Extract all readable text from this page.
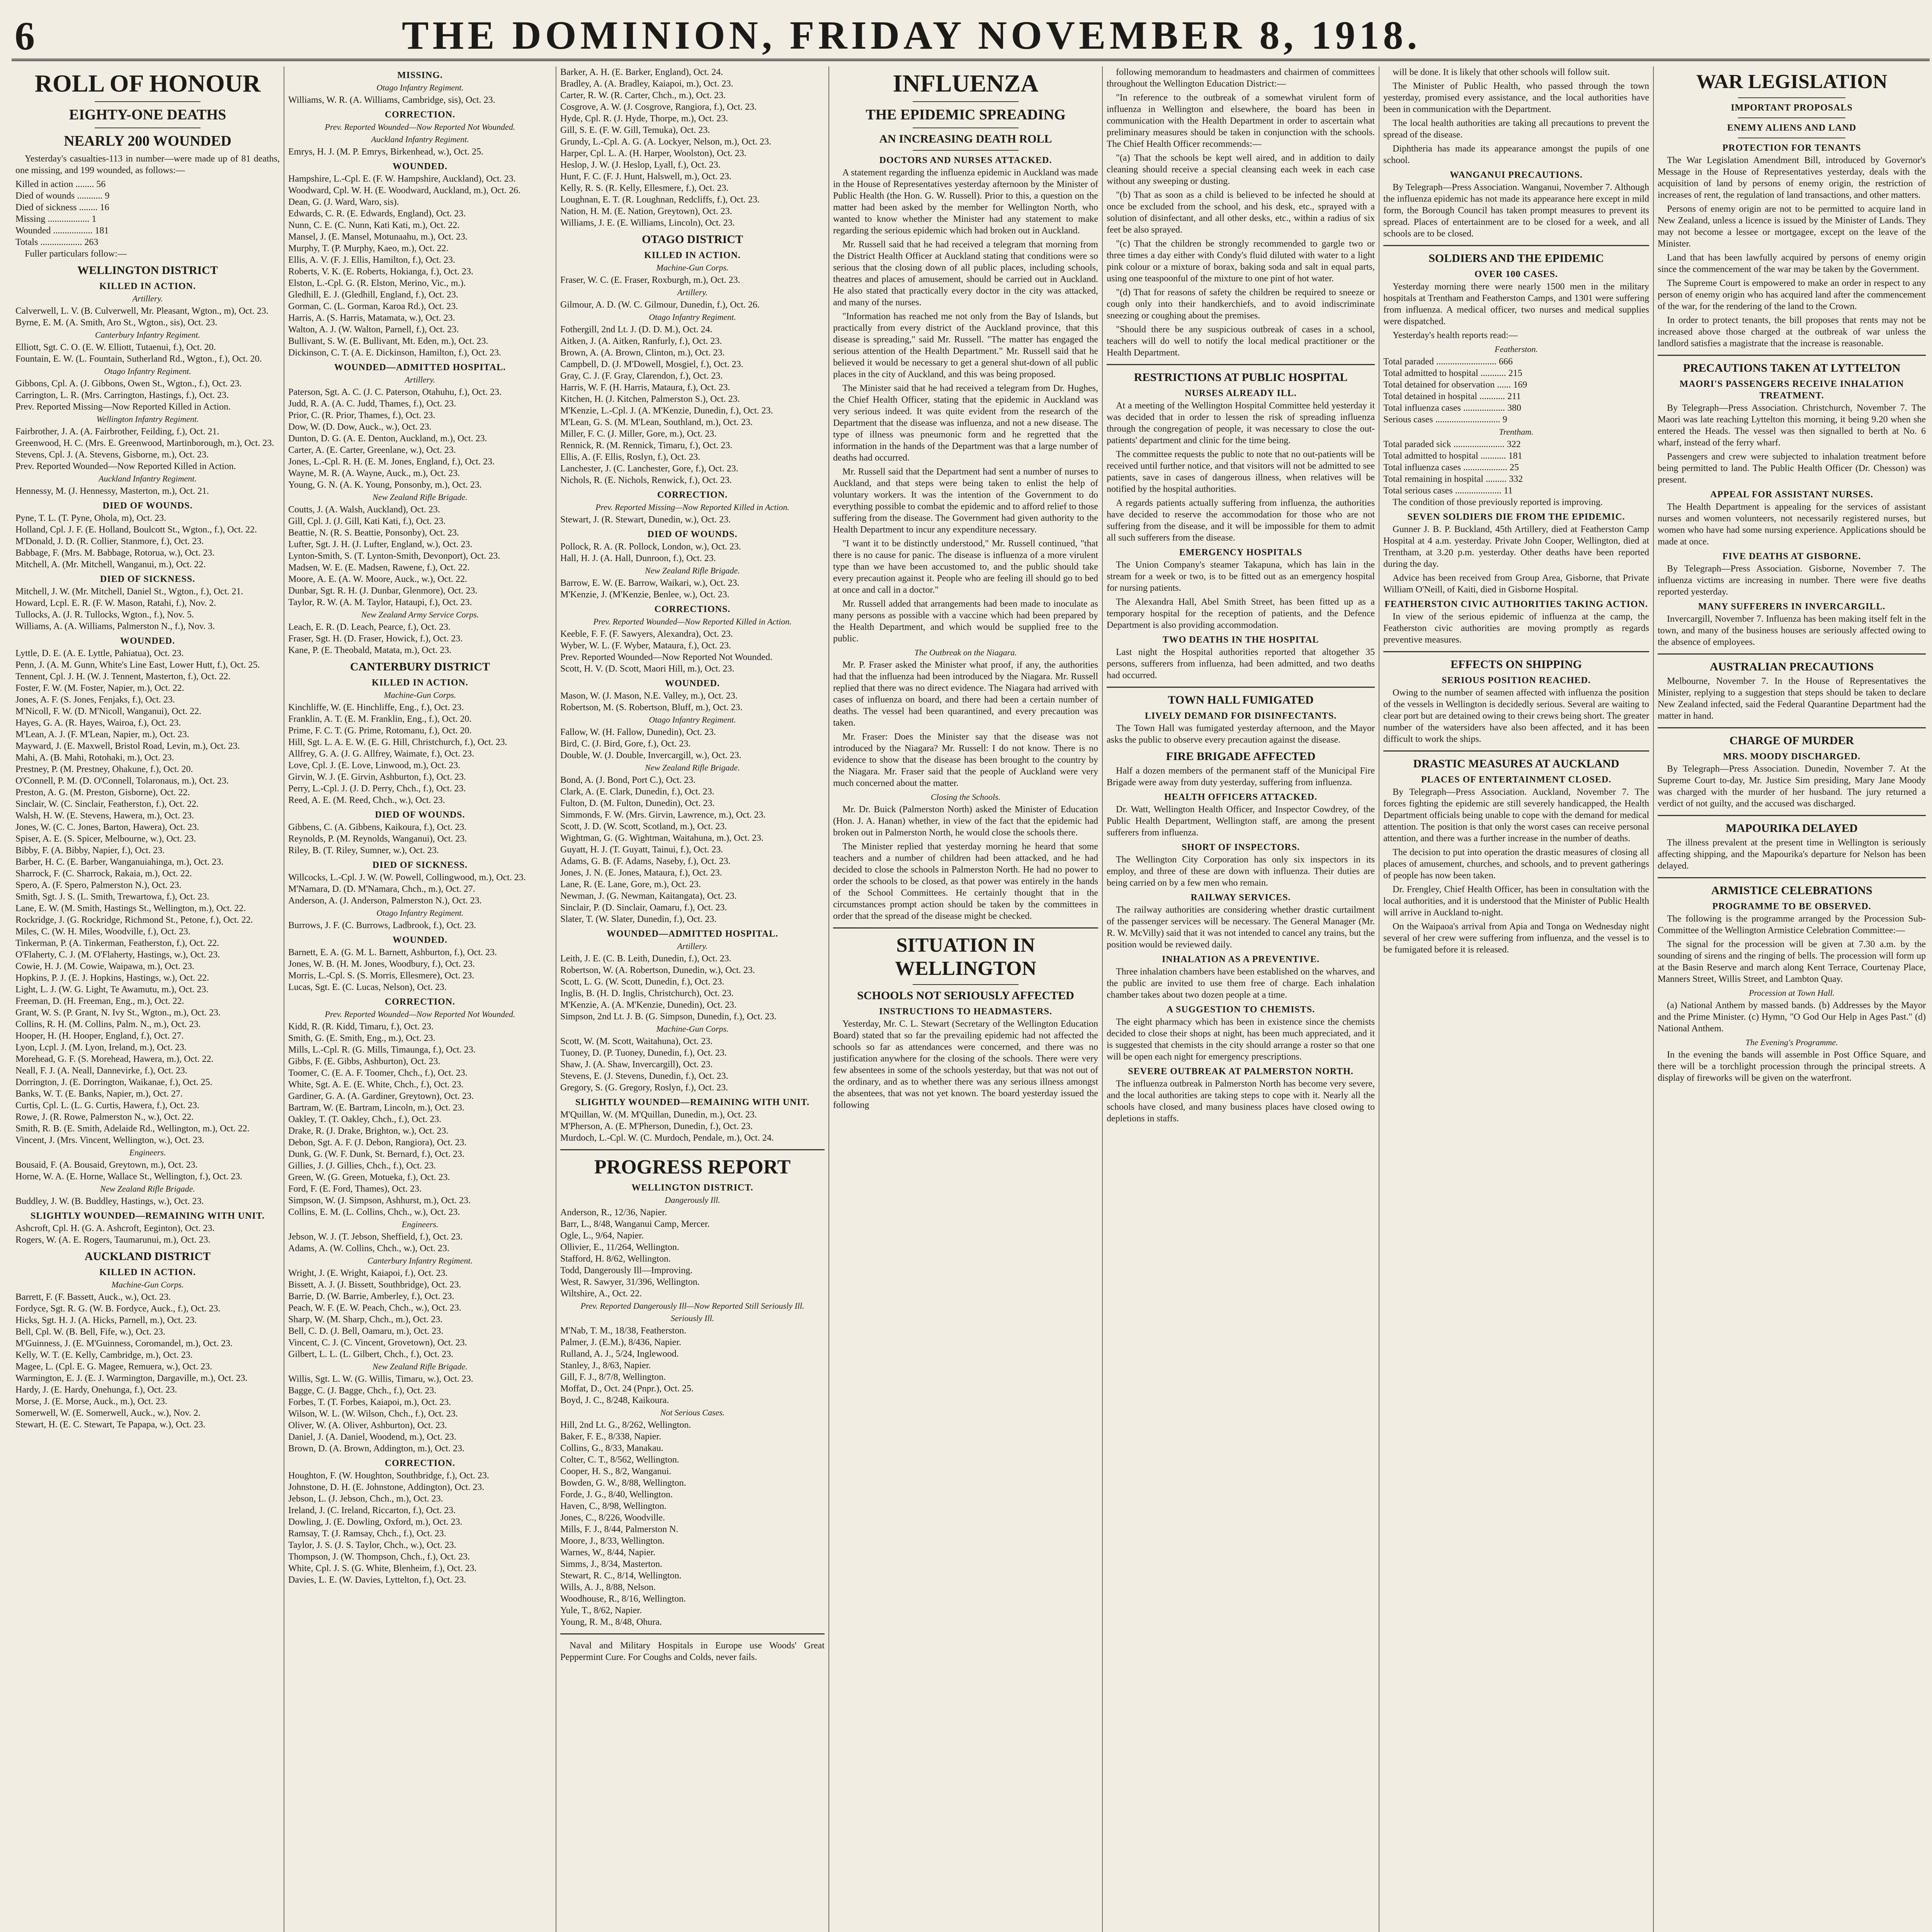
6	THE DOMINION, FRIDAY NOVEMBER 8, 1918.
ROLL OF HONOUR
EIGHTY-ONE DEATHS
NEARLY 200 WOUNDED

Yesterday's casualties-113 in number—were made up of 81 deaths, one missing, and 199 wounded, as follows:—

Killed in action ........ 56

Died of wounds ........... 9

Died of sickness ........ 16

Missing .................. 1

Wounded ................. 181

Totals .................. 263

Fuller particulars follow:—

WELLINGTON DISTRICT
KILLED IN ACTION.
Artillery.

Calverwell, L. V. (B. Culverwell, Mr. Pleasant, Wgton., m), Oct. 23.

Byrne, E. M. (A. Smith, Aro St., Wgton., sis), Oct. 23.

Canterbury Infantry Regiment.

Elliott, Sgt. C. O. (E. W. Elliott, Tutaenui, f.), Oct. 20.

Fountain, E. W. (L. Fountain, Sutherland Rd., Wgton., f.), Oct. 20.

Otago Infantry Regiment.

Gibbons, Cpl. A. (J. Gibbons, Owen St., Wgton., f.), Oct. 23.

Carrington, L. R. (Mrs. Carrington, Hastings, f.), Oct. 23.

Prev. Reported Missing—Now Reported Killed in Action.

Wellington Infantry Regiment.

Fairbrother, J. A. (A. Fairbrother, Feilding, f.), Oct. 21.

Greenwood, H. C. (Mrs. E. Greenwood, Martinborough, m.), Oct. 23.

Stevens, Cpl. J. (A. Stevens, Gisborne, m.), Oct. 23.

Prev. Reported Wounded—Now Reported Killed in Action.

Auckland Infantry Regiment.

Hennessy, M. (J. Hennessy, Masterton, m.), Oct. 21.

DIED OF WOUNDS.

Pyne, T. L. (T. Pyne, Ohola, m), Oct. 23.

Holland, Cpl. J. F. (E. Holland, Boulcott St., Wgton., f.), Oct. 22.

M'Donald, J. D. (R. Collier, Stanmore, f.), Oct. 23.

Babbage, F. (Mrs. M. Babbage, Rotorua, w.), Oct. 23.

Mitchell, A. (Mr. Mitchell, Wanganui, m.), Oct. 22.

DIED OF SICKNESS.

Mitchell, J. W. (Mr. Mitchell, Daniel St., Wgton., f.), Oct. 21.

Howard, Lcpl. E. R. (F. W. Mason, Ratahi, f.), Nov. 2.

Tullocks, A. (J. R. Tullocks, Wgton., f.), Nov. 5.

Williams, A. (A. Williams, Palmerston N., f.), Nov. 3.

WOUNDED.

Lyttle, D. E. (A. E. Lyttle, Pahiatua), Oct. 23.

Penn, J. (A. M. Gunn, White's Line East, Lower Hutt, f.), Oct. 25.

Tennent, Cpl. J. H. (W. J. Tennent, Masterton, f.), Oct. 22.

Foster, F. W. (M. Foster, Napier, m.), Oct. 22.

Jones, A. F. (S. Jones, Fenjaks, f.), Oct. 23.

M'Nicoll, F. W. (D. M'Nicoll, Wanganui), Oct. 22.

Hayes, G. A. (R. Hayes, Wairoa, f.), Oct. 23.

M'Lean, A. J. (F. M'Lean, Napier, m.), Oct. 23.

Mayward, J. (E. Maxwell, Bristol Road, Levin, m.), Oct. 23.

Mahi, A. (B. Mahi, Rotohaki, m.), Oct. 23.

Prestney, P. (M. Prestney, Ohakune, f.), Oct. 20.

O'Connell, P. M. (D. O'Connell, Tolaronaus, m.), Oct. 23.

Preston, A. G. (M. Preston, Gisborne), Oct. 22.

Sinclair, W. (C. Sinclair, Featherston, f.), Oct. 22.

Walsh, H. W. (E. Stevens, Hawera, m.), Oct. 23.

Jones, W. (C. C. Jones, Barton, Hawera), Oct. 23.

Spiser, A. E. (S. Spicer, Melbourne, w.), Oct. 23.

Bibby, F. (A. Bibby, Napier, f.), Oct. 23.

Barber, H. C. (E. Barber, Wanganuiahinga, m.), Oct. 23.

Sharrock, F. (C. Sharrock, Rakaia, m.), Oct. 22.

Spero, A. (F. Spero, Palmerston N.), Oct. 23.

Smith, Sgt. J. S. (L. Smith, Trewartowa, f.), Oct. 23.

Lane, E. W. (M. Smith, Hastings St., Wellington, m.), Oct. 22.

Rockridge, J. (G. Rockridge, Richmond St., Petone, f.), Oct. 22.

Miles, C. (W. H. Miles, Woodville, f.), Oct. 23.

Tinkerman, P. (A. Tinkerman, Featherston, f.), Oct. 22.

O'Flaherty, C. J. (M. O'Flaherty, Hastings, w.), Oct. 23.

Cowie, H. J. (M. Cowie, Waipawa, m.), Oct. 23.

Hopkins, P. J. (E. J. Hopkins, Hastings, w.), Oct. 22.

Light, L. J. (W. G. Light, Te Awamutu, m.), Oct. 23.

Freeman, D. (H. Freeman, Eng., m.), Oct. 22.

Grant, W. S. (P. Grant, N. Ivy St., Wgton., m.), Oct. 23.

Collins, R. H. (M. Collins, Palm. N., m.), Oct. 23.

Hooper, H. (H. Hooper, England, f.), Oct. 27.

Lyon, Lcpl. J. (M. Lyon, Ireland, m.), Oct. 23.

Morehead, G. F. (S. Morehead, Hawera, m.), Oct. 22.

Neall, F. J. (A. Neall, Dannevirke, f.), Oct. 23.

Dorrington, J. (E. Dorrington, Waikanae, f.), Oct. 25.

Banks, W. T. (E. Banks, Napier, m.), Oct. 27.

Curtis, Cpl. L. (L. G. Curtis, Hawera, f.), Oct. 23.

Rowe, J. (R. Rowe, Palmerston N., w.), Oct. 22.

Smith, R. B. (E. Smith, Adelaide Rd., Wellington, m.), Oct. 22.

Vincent, J. (Mrs. Vincent, Wellington, w.), Oct. 23.

Engineers.

Bousaid, F. (A. Bousaid, Greytown, m.), Oct. 23.

Horne, W. A. (E. Horne, Wallace St., Wellington, f.), Oct. 23.

New Zealand Rifle Brigade.

Buddley, J. W. (B. Buddley, Hastings, w.), Oct. 23.

SLIGHTLY WOUNDED—REMAINING WITH UNIT.

Ashcroft, Cpl. H. (G. A. Ashcroft, Eeginton), Oct. 23.

Rogers, W. (A. E. Rogers, Taumarunui, m.), Oct. 23.

AUCKLAND DISTRICT
KILLED IN ACTION.
Machine-Gun Corps.

Barrett, F. (F. Bassett, Auck., w.), Oct. 23.

Fordyce, Sgt. R. G. (W. B. Fordyce, Auck., f.), Oct. 23.

Hicks, Sgt. H. J. (A. Hicks, Parnell, m.), Oct. 23.

Bell, Cpl. W. (B. Bell, Fife, w.), Oct. 23.

M'Guinness, J. (E. M'Guinness, Coromandel, m.), Oct. 23.

Kelly, W. T. (E. Kelly, Cambridge, m.), Oct. 23.

Magee, L. (Cpl. E. G. Magee, Remuera, w.), Oct. 23.

Warmington, E. J. (E. J. Warmington, Dargaville, m.), Oct. 23.

Hardy, J. (E. Hardy, Onehunga, f.), Oct. 23.

Morse, J. (E. Morse, Auck., m.), Oct. 23.

Somerwell, W. (E. Somerwell, Auck., w.), Nov. 2.

Stewart, H. (E. C. Stewart, Te Papapa, w.), Oct. 23.

MISSING.
Otago Infantry Regiment.

Williams, W. R. (A. Williams, Cambridge, sis), Oct. 23.

CORRECTION.
Prev. Reported Wounded—Now Reported Not Wounded.
Auckland Infantry Regiment.

Emrys, H. J. (M. P. Emrys, Birkenhead, w.), Oct. 25.

WOUNDED.

Hampshire, L.-Cpl. E. (F. W. Hampshire, Auckland), Oct. 23.

Woodward, Cpl. W. H. (E. Woodward, Auckland, m.), Oct. 26.

Dean, G. (J. Ward, Waro, sis).

Edwards, C. R. (E. Edwards, England), Oct. 23.

Nunn, C. E. (C. Nunn, Kati Kati, m.), Oct. 22.

Mansel, J. (E. Mansel, Motunaahu, m.), Oct. 23.

Murphy, T. (P. Murphy, Kaeo, m.), Oct. 22.

Ellis, A. V. (F. J. Ellis, Hamilton, f.), Oct. 23.

Roberts, V. K. (E. Roberts, Hokianga, f.), Oct. 23.

Elston, L.-Cpl. G. (R. Elston, Merino, Vic., m.).

Gledhill, E. J. (Gledhill, England, f.), Oct. 23.

Gorman, C. (L. Gorman, Karoa Rd.), Oct. 23.

Harris, A. (S. Harris, Matamata, w.), Oct. 23.

Walton, A. J. (W. Walton, Parnell, f.), Oct. 23.

Bullivant, S. W. (E. Bullivant, Mt. Eden, m.), Oct. 23.

Dickinson, C. T. (A. E. Dickinson, Hamilton, f.), Oct. 23.

WOUNDED—ADMITTED HOSPITAL.
Artillery.

Paterson, Sgt. A. C. (J. C. Paterson, Otahuhu, f.), Oct. 23.

Judd, R. A. (A. C. Judd, Thames, f.), Oct. 23.

Prior, C. (R. Prior, Thames, f.), Oct. 23.

Dow, W. (D. Dow, Auck., w.), Oct. 23.

Dunton, D. G. (A. E. Denton, Auckland, m.), Oct. 23.

Carter, A. (E. Carter, Greenlane, w.), Oct. 23.

Jones, L.-Cpl. R. H. (E. M. Jones, England, f.), Oct. 23.

Wayne, M. R. (A. Wayne, Auck., m.), Oct. 23.

Young, G. N. (A. K. Young, Ponsonby, m.), Oct. 23.

New Zealand Rifle Brigade.

Coutts, J. (A. Walsh, Auckland), Oct. 23.

Gill, Cpl. J. (J. Gill, Kati Kati, f.), Oct. 23.

Beattie, N. (R. S. Beattie, Ponsonby), Oct. 23.

Lufter, Sgt. J. H. (J. Lufter, England, w.), Oct. 23.

Lynton-Smith, S. (T. Lynton-Smith, Devonport), Oct. 23.

Madsen, W. E. (E. Madsen, Rawene, f.), Oct. 22.

Moore, A. E. (A. W. Moore, Auck., w.), Oct. 22.

Dunbar, Sgt. R. H. (J. Dunbar, Glenmore), Oct. 23.

Taylor, R. W. (A. M. Taylor, Hataupi, f.), Oct. 23.

New Zealand Army Service Corps.

Leach, E. R. (D. Leach, Pearce, f.), Oct. 23.

Fraser, Sgt. H. (D. Fraser, Howick, f.), Oct. 23.

Kane, P. (E. Theobald, Matata, m.), Oct. 23.

CANTERBURY DISTRICT
KILLED IN ACTION.
Machine-Gun Corps.

Kinchliffe, W. (E. Hinchliffe, Eng., f.), Oct. 23.

Franklin, A. T. (E. M. Franklin, Eng., f.), Oct. 20.

Prime, F. C. T. (G. Prime, Rotomanu, f.), Oct. 20.

Hill, Sgt. L. A. E. W. (E. G. Hill, Christchurch, f.), Oct. 23.

Allfrey, G. A. (J. G. Allfrey, Waimate, f.), Oct. 23.

Love, Cpl. J. (E. Love, Linwood, m.), Oct. 23.

Girvin, W. J. (E. Girvin, Ashburton, f.), Oct. 23.

Perry, L.-Cpl. J. (J. D. Perry, Chch., f.), Oct. 23.

Reed, A. E. (M. Reed, Chch., w.), Oct. 23.

DIED OF WOUNDS.

Gibbens, C. (A. Gibbens, Kaikoura, f.), Oct. 23.

Reynolds, P. (M. Reynolds, Wanganui), Oct. 23.

Riley, B. (T. Riley, Sumner, w.), Oct. 23.

DIED OF SICKNESS.

Willcocks, L.-Cpl. J. W. (W. Powell, Collingwood, m.), Oct. 23.

M'Namara, D. (D. M'Namara, Chch., m.), Oct. 27.

Anderson, A. (J. Anderson, Palmerston N.), Oct. 23.

Otago Infantry Regiment.

Burrows, J. F. (C. Burrows, Ladbrook, f.), Oct. 23.

WOUNDED.

Barnett, E. A. (G. M. L. Barnett, Ashburton, f.), Oct. 23.

Jones, W. B. (H. M. Jones, Woodbury, f.), Oct. 23.

Morris, L.-Cpl. S. (S. Morris, Ellesmere), Oct. 23.

Lucas, Sgt. E. (C. Lucas, Nelson), Oct. 23.

CORRECTION.
Prev. Reported Wounded—Now Reported Not Wounded.

Kidd, R. (R. Kidd, Timaru, f.), Oct. 23.

Smith, G. (E. Smith, Eng., m.), Oct. 23.

Mills, L.-Cpl. R. (G. Mills, Timaunga, f.), Oct. 23.

Gibbs, F. (E. Gibbs, Ashburton), Oct. 23.

Toomer, C. (E. A. F. Toomer, Chch., f.), Oct. 23.

White, Sgt. A. E. (E. White, Chch., f.), Oct. 23.

Gardiner, G. A. (A. Gardiner, Greytown), Oct. 23.

Bartram, W. (E. Bartram, Lincoln, m.), Oct. 23.

Oakley, T. (T. Oakley, Chch., f.), Oct. 23.

Drake, R. (J. Drake, Brighton, w.), Oct. 23.

Debon, Sgt. A. F. (J. Debon, Rangiora), Oct. 23.

Dunk, G. (W. F. Dunk, St. Bernard, f.), Oct. 23.

Gillies, J. (J. Gillies, Chch., f.), Oct. 23.

Green, W. (G. Green, Motueka, f.), Oct. 23.

Ford, F. (E. Ford, Thames), Oct. 23.

Simpson, W. (J. Simpson, Ashhurst, m.), Oct. 23.

Collins, E. M. (L. Collins, Chch., w.), Oct. 23.

Engineers.

Jebson, W. J. (T. Jebson, Sheffield, f.), Oct. 23.

Adams, A. (W. Collins, Chch., w.), Oct. 23.

Canterbury Infantry Regiment.

Wright, J. (E. Wright, Kaiapoi, f.), Oct. 23.

Bissett, A. J. (J. Bissett, Southbridge), Oct. 23.

Barrie, D. (W. Barrie, Amberley, f.), Oct. 23.

Peach, W. F. (E. W. Peach, Chch., w.), Oct. 23.

Sharp, W. (M. Sharp, Chch., m.), Oct. 23.

Bell, C. D. (J. Bell, Oamaru, m.), Oct. 23.

Vincent, C. J. (C. Vincent, Grovetown), Oct. 23.

Gilbert, L. L. (L. Gilbert, Chch., f.), Oct. 23.

New Zealand Rifle Brigade.

Willis, Sgt. L. W. (G. Willis, Timaru, w.), Oct. 23.

Bagge, C. (J. Bagge, Chch., f.), Oct. 23.

Forbes, T. (T. Forbes, Kaiapoi, m.), Oct. 23.

Wilson, W. L. (W. Wilson, Chch., f.), Oct. 23.

Oliver, W. (A. Oliver, Ashburton), Oct. 23.

Daniel, J. (A. Daniel, Woodend, m.), Oct. 23.

Brown, D. (A. Brown, Addington, m.), Oct. 23.

CORRECTION.

Houghton, F. (W. Houghton, Southbridge, f.), Oct. 23.

Johnstone, D. H. (E. Johnstone, Addington), Oct. 23.

Jebson, L. (J. Jebson, Chch., m.), Oct. 23.

Ireland, J. (C. Ireland, Riccarton, f.), Oct. 23.

Dowling, J. (E. Dowling, Oxford, m.), Oct. 23.

Ramsay, T. (J. Ramsay, Chch., f.), Oct. 23.

Taylor, J. S. (J. S. Taylor, Chch., w.), Oct. 23.

Thompson, J. (W. Thompson, Chch., f.), Oct. 23.

White, Cpl. J. S. (G. White, Blenheim, f.), Oct. 23.

Davies, L. E. (W. Davies, Lyttelton, f.), Oct. 23.

Barker, A. H. (E. Barker, England), Oct. 24.

Bradley, A. (A. Bradley, Kaiapoi, m.), Oct. 23.

Carter, R. W. (R. Carter, Chch., m.), Oct. 23.

Cosgrove, A. W. (J. Cosgrove, Rangiora, f.), Oct. 23.

Hyde, Cpl. R. (J. Hyde, Thorpe, m.), Oct. 23.

Gill, S. E. (F. W. Gill, Temuka), Oct. 23.

Grundy, L.-Cpl. A. G. (A. Lockyer, Nelson, m.), Oct. 23.

Harper, Cpl. L. A. (H. Harper, Woolston), Oct. 23.

Heslop, J. W. (J. Heslop, Lyall, f.), Oct. 23.

Hunt, F. C. (F. J. Hunt, Halswell, m.), Oct. 23.

Kelly, R. S. (R. Kelly, Ellesmere, f.), Oct. 23.

Loughnan, E. T. (R. Loughnan, Redcliffs, f.), Oct. 23.

Nation, H. M. (E. Nation, Greytown), Oct. 23.

Williams, J. E. (E. Williams, Lincoln), Oct. 23.

OTAGO DISTRICT
KILLED IN ACTION.
Machine-Gun Corps.

Fraser, W. C. (E. Fraser, Roxburgh, m.), Oct. 23.

Artillery.

Gilmour, A. D. (W. C. Gilmour, Dunedin, f.), Oct. 26.

Otago Infantry Regiment.

Fothergill, 2nd Lt. J. (D. D. M.), Oct. 24.

Aitken, J. (A. Aitken, Ranfurly, f.), Oct. 23.

Brown, A. (A. Brown, Clinton, m.), Oct. 23.

Campbell, D. (J. M'Dowell, Mosgiel, f.), Oct. 23.

Gray, C. J. (F. Gray, Clarendon, f.), Oct. 23.

Harris, W. F. (H. Harris, Mataura, f.), Oct. 23.

Kitchen, H. (J. Kitchen, Palmerston S.), Oct. 23.

M'Kenzie, L.-Cpl. J. (A. M'Kenzie, Dunedin, f.), Oct. 23.

M'Lean, G. S. (M. M'Lean, Southland, m.), Oct. 23.

Miller, F. C. (J. Miller, Gore, m.), Oct. 23.

Rennick, R. (M. Rennick, Timaru, f.), Oct. 23.

Ellis, A. (F. Ellis, Roslyn, f.), Oct. 23.

Lanchester, J. (C. Lanchester, Gore, f.), Oct. 23.

Nichols, R. (E. Nichols, Renwick, f.), Oct. 23.

CORRECTION.
Prev. Reported Missing—Now Reported Killed in Action.

Stewart, J. (R. Stewart, Dunedin, w.), Oct. 23.

DIED OF WOUNDS.

Pollock, R. A. (R. Pollock, London, w.), Oct. 23.

Hall, H. J. (A. Hall, Dunroon, f.), Oct. 23.

New Zealand Rifle Brigade.

Barrow, E. W. (E. Barrow, Waikari, w.), Oct. 23.

M'Kenzie, J. (M'Kenzie, Benlee, w.), Oct. 23.

CORRECTIONS.
Prev. Reported Wounded—Now Reported Killed in Action.

Keeble, F. F. (F. Sawyers, Alexandra), Oct. 23.

Wyber, W. L. (F. Wyber, Mataura, f.), Oct. 23.

Prev. Reported Wounded—Now Reported Not Wounded.

Scott, H. V. (D. Scott, Maori Hill, m.), Oct. 23.

WOUNDED.

Mason, W. (J. Mason, N.E. Valley, m.), Oct. 23.

Robertson, M. (S. Robertson, Bluff, m.), Oct. 23.

Otago Infantry Regiment.

Fallow, W. (H. Fallow, Dunedin), Oct. 23.

Bird, C. (J. Bird, Gore, f.), Oct. 23.

Double, W. (J. Double, Invercargill, w.), Oct. 23.

New Zealand Rifle Brigade.

Bond, A. (J. Bond, Port C.), Oct. 23.

Clark, A. (E. Clark, Dunedin, f.), Oct. 23.

Fulton, D. (M. Fulton, Dunedin), Oct. 23.

Simmonds, F. W. (Mrs. Girvin, Lawrence, m.), Oct. 23.

Scott, J. D. (W. Scott, Scotland, m.), Oct. 23.

Wightman, G. (G. Wightman, Waitahuna, m.), Oct. 23.

Guyatt, H. J. (T. Guyatt, Tainui, f.), Oct. 23.

Adams, G. B. (F. Adams, Naseby, f.), Oct. 23.

Jones, J. N. (E. Jones, Mataura, f.), Oct. 23.

Lane, R. (E. Lane, Gore, m.), Oct. 23.

Newman, J. (G. Newman, Kaitangata), Oct. 23.

Sinclair, P. (D. Sinclair, Oamaru, f.), Oct. 23.

Slater, T. (W. Slater, Dunedin, f.), Oct. 23.

WOUNDED—ADMITTED HOSPITAL.
Artillery.

Leith, J. E. (C. B. Leith, Dunedin, f.), Oct. 23.

Robertson, W. (A. Robertson, Dunedin, w.), Oct. 23.

Scott, L. G. (W. Scott, Dunedin, f.), Oct. 23.

Inglis, B. (H. D. Inglis, Christchurch), Oct. 23.

M'Kenzie, A. (A. M'Kenzie, Dunedin), Oct. 23.

Simpson, 2nd Lt. J. B. (G. Simpson, Dunedin, f.), Oct. 23.

Machine-Gun Corps.

Scott, W. (M. Scott, Waitahuna), Oct. 23.

Tuoney, D. (P. Tuoney, Dunedin, f.), Oct. 23.

Shaw, J. (A. Shaw, Invercargill), Oct. 23.

Stevens, E. (J. Stevens, Dunedin, f.), Oct. 23.

Gregory, S. (G. Gregory, Roslyn, f.), Oct. 23.

SLIGHTLY WOUNDED—REMAINING WITH UNIT.

M'Quillan, W. (M. M'Quillan, Dunedin, m.), Oct. 23.

M'Pherson, A. (E. M'Pherson, Dunedin, f.), Oct. 23.

Murdoch, L.-Cpl. W. (C. Murdoch, Pendale, m.), Oct. 24.

PROGRESS REPORT
WELLINGTON DISTRICT.
Dangerously Ill.

Anderson, R., 12/36, Napier.

Barr, L., 8/48, Wanganui Camp, Mercer.

Ogle, L., 9/64, Napier.

Ollivier, E., 11/264, Wellington.

Stafford, H. 8/62, Wellington.

Todd, Dangerously Ill—Improving.

West, R. Sawyer, 31/396, Wellington.

Wiltshire, A., Oct. 22.

Prev. Reported Dangerously Ill—Now Reported Still Seriously Ill.
Seriously Ill.

M'Nab, T. M., 18/38, Featherston.

Palmer, J. (E.M.), 8/436, Napier.

Rulland, A. J., 5/24, Inglewood.

Stanley, J., 8/63, Napier.

Gill, F. J., 8/7/8, Wellington.

Moffat, D., Oct. 24 (Pnpr.), Oct. 25.

Boyd, J. C., 8/248, Kaikoura.

Not Serious Cases.

Hill, 2nd Lt. G., 8/262, Wellington.

Baker, F. E., 8/338, Napier.

Collins, G., 8/33, Manakau.

Colter, C. T., 8/562, Wellington.

Cooper, H. S., 8/2, Wanganui.

Bowden, G. W., 8/88, Wellington.

Forde, J. G., 8/40, Wellington.

Haven, C., 8/98, Wellington.

Jones, C., 8/226, Woodville.

Mills, F. J., 8/44, Palmerston N.

Moore, J., 8/33, Wellington.

Warnes, W., 8/44, Napier.

Simms, J., 8/34, Masterton.

Stewart, R. C., 8/14, Wellington.

Wills, A. J., 8/88, Nelson.

Woodhouse, R., 8/16, Wellington.

Yule, T., 8/62, Napier.

Young, R. M., 8/48, Ohura.

Naval and Military Hospitals in Europe use Woods' Great Peppermint Cure. For Coughs and Colds, never fails.

INFLUENZA
THE EPIDEMIC SPREADING
AN INCREASING DEATH ROLL
DOCTORS AND NURSES ATTACKED.

A statement regarding the influenza epidemic in Auckland was made in the House of Representatives yesterday afternoon by the Minister of Public Health (the Hon. G. W. Russell). Prior to this, a question on the matter had been asked by the member for Wellington North, who wanted to know whether the Minister had any statement to make regarding the serious epidemic which had broken out in Auckland.

Mr. Russell said that he had received a telegram that morning from the District Health Officer at Auckland stating that conditions were so serious that the closing down of all public places, including schools, theatres and places of amusement, should be carried out in Auckland. He also stated that practically every doctor in the city was attacked, and many of the nurses.

"Information has reached me not only from the Bay of Islands, but practically from every district of the Auckland province, that this disease is spreading," said Mr. Russell. "The matter has engaged the serious attention of the Health Department." Mr. Russell said that he believed it would be necessary to get a general shut-down of all public places in the city of Auckland, and this was being proposed.

The Minister said that he had received a telegram from Dr. Hughes, the Chief Health Officer, stating that the epidemic in Auckland was very serious indeed. It was quite evident from the research of the Department that the disease was influenza, and not a new disease. The type of illness was pneumonic form and he regretted that the information in the hands of the Department was that a large number of deaths had occurred.

Mr. Russell said that the Department had sent a number of nurses to Auckland, and that steps were being taken to enlist the help of voluntary workers. It was the intention of the Government to do everything possible to combat the epidemic and to afford relief to those suffering from the disease. The Government had given authority to the Health Department to incur any expenditure necessary.

"I want it to be distinctly understood," Mr. Russell continued, "that there is no cause for panic. The disease is influenza of a more virulent type than we have been accustomed to, and the public should take every precaution against it. People who are feeling ill should go to bed at once and call in a doctor."

Mr. Russell added that arrangements had been made to inoculate as many persons as possible with a vaccine which had been prepared by the Health Department, and which would be supplied free to the public.

The Outbreak on the Niagara.

Mr. P. Fraser asked the Minister what proof, if any, the authorities had that the influenza had been introduced by the Niagara. Mr. Russell replied that there was no direct evidence. The Niagara had arrived with cases of influenza on board, and there had been a certain number of deaths. The vessel had been quarantined, and every precaution was taken.

Mr. Fraser: Does the Minister say that the disease was not introduced by the Niagara? Mr. Russell: I do not know. There is no evidence to show that the disease has been brought to the country by the Niagara. Mr. Fraser said that the people of Auckland were very much concerned about the matter.

Closing the Schools.

Mr. Dr. Buick (Palmerston North) asked the Minister of Education (Hon. J. A. Hanan) whether, in view of the fact that the epidemic had broken out in Palmerston North, he would close the schools there.

The Minister replied that yesterday morning he heard that some teachers and a number of children had been attacked, and he had decided to close the schools in Palmerston North. He had no power to order the schools to be closed, as that power was entirely in the hands of the School Committees. He certainly thought that in the circumstances prompt action should be taken by the committees in order that the spread of the disease might be checked.

SITUATION IN WELLINGTON
SCHOOLS NOT SERIOUSLY AFFECTED
INSTRUCTIONS TO HEADMASTERS.

Yesterday, Mr. C. L. Stewart (Secretary of the Wellington Education Board) stated that so far the prevailing epidemic had not affected the schools so far as attendances were concerned, and there was no justification anywhere for the closing of the schools. There were very few absentees in some of the schools yesterday, but that was not out of the ordinary, and as to whether there was any serious illness amongst the absentees, that was not yet known. The board yesterday issued the following

following memorandum to headmasters and chairmen of committees throughout the Wellington Education District:—

"In reference to the outbreak of a somewhat virulent form of influenza in Wellington and elsewhere, the board has been in communication with the Health Department in order to ascertain what preliminary measures should be taken in conjunction with the schools. The Chief Health Officer recommends:—

"(a) That the schools be kept well aired, and in addition to daily cleaning should receive a special cleansing each week in each case without any sweeping or dusting.

"(b) That as soon as a child is believed to be infected he should at once be excluded from the school, and his desk, etc., sprayed with a solution of disinfectant, and all other desks, etc., within a radius of six feet be also sprayed.

"(c) That the children be strongly recommended to gargle two or three times a day either with Condy's fluid diluted with water to a light pink colour or a mixture of borax, baking soda and salt in equal parts, using one teaspoonful of the mixture to one pint of hot water.

"(d) That for reasons of safety the children be required to sneeze or cough only into their handkerchiefs, and to avoid indiscriminate sneezing or coughing about the premises.

"Should there be any suspicious outbreak of cases in a school, teachers will do well to notify the local medical practitioner or the Health Department.

RESTRICTIONS AT PUBLIC HOSPITAL
NURSES ALREADY ILL.

At a meeting of the Wellington Hospital Committee held yesterday it was decided that in order to lessen the risk of spreading influenza through the congregation of people, it was necessary to close the out-patients' department and clinic for the time being.

The committee requests the public to note that no out-patients will be received until further notice, and that visitors will not be admitted to see patients, save in cases of dangerous illness, when relatives will be notified by the hospital authorities.

A regards patients actually suffering from influenza, the authorities have decided to reserve the accommodation for those who are not suffering from the disease, and it will be impossible for them to admit all such sufferers from the disease.

EMERGENCY HOSPITALS

The Union Company's steamer Takapuna, which has lain in the stream for a week or two, is to be fitted out as an emergency hospital for nursing patients.

The Alexandra Hall, Abel Smith Street, has been fitted up as a temporary hospital for the reception of patients, and the Defence Department is also providing accommodation.

TWO DEATHS IN THE HOSPITAL

Last night the Hospital authorities reported that altogether 35 persons, sufferers from influenza, had been admitted, and two deaths had occurred.

TOWN HALL FUMIGATED
LIVELY DEMAND FOR DISINFECTANTS.

The Town Hall was fumigated yesterday afternoon, and the Mayor asks the public to observe every precaution against the disease.

FIRE BRIGADE AFFECTED

Half a dozen members of the permanent staff of the Municipal Fire Brigade were away from duty yesterday, suffering from influenza.

HEALTH OFFICERS ATTACKED.

Dr. Watt, Wellington Health Officer, and Inspector Cowdrey, of the Public Health Department, Wellington staff, are among the present sufferers from influenza.

SHORT OF INSPECTORS.

The Wellington City Corporation has only six inspectors in its employ, and three of these are down with influenza. Their duties are being carried on by a few men who remain.

RAILWAY SERVICES.

The railway authorities are considering whether drastic curtailment of the passenger services will be necessary. The General Manager (Mr. R. W. McVilly) said that it was not intended to cancel any trains, but the position would be reviewed daily.

INHALATION AS A PREVENTIVE.

Three inhalation chambers have been established on the wharves, and the public are invited to use them free of charge. Each inhalation chamber takes about two dozen people at a time.

A SUGGESTION TO CHEMISTS.

The eight pharmacy which has been in existence since the chemists decided to close their shops at night, has been much appreciated, and it is suggested that chemists in the city should arrange a roster so that one will be open each night for emergency prescriptions.

SEVERE OUTBREAK AT PALMERSTON NORTH.

The influenza outbreak in Palmerston North has become very severe, and the local authorities are taking steps to cope with it. Nearly all the schools have closed, and many business places have closed owing to depletions in staffs.

will be done. It is likely that other schools will follow suit.

The Minister of Public Health, who passed through the town yesterday, promised every assistance, and the local authorities have been in communication with the Department.

The local health authorities are taking all precautions to prevent the spread of the disease.

Diphtheria has made its appearance amongst the pupils of one school.

WANGANUI PRECAUTIONS.

By Telegraph—Press Association. Wanganui, November 7. Although the influenza epidemic has not made its appearance here except in mild form, the Borough Council has taken prompt measures to prevent its spread. Places of entertainment are to be closed for a week, and all schools are to be closed.

SOLDIERS AND THE EPIDEMIC
OVER 100 CASES.

Yesterday morning there were nearly 1500 men in the military hospitals at Trentham and Featherston Camps, and 1301 were suffering from influenza. A medical officer, two nurses and medical supplies were dispatched.

Yesterday's health reports read:—

Featherston.

Total paraded .......................... 666

Total admitted to hospital ........... 215

Total detained for observation ...... 169

Total detained in hospital ........... 211

Total influenza cases .................. 380

Serious cases ............................ 9

Trentham.

Total paraded sick ...................... 322

Total admitted to hospital ........... 181

Total influenza cases ................... 25

Total remaining in hospital ......... 332

Total serious cases .................... 11

The condition of those previously reported is improving.

SEVEN SOLDIERS DIE FROM THE EPIDEMIC.

Gunner J. B. P. Buckland, 45th Artillery, died at Featherston Camp Hospital at 4 a.m. yesterday. Private John Cooper, Wellington, died at Trentham, at 3.20 p.m. yesterday. Other deaths have been reported during the day.

Advice has been received from Group Area, Gisborne, that Private William O'Neill, of Kaiti, died in Gisborne Hospital.

FEATHERSTON CIVIC AUTHORITIES TAKING ACTION.

In view of the serious epidemic of influenza at the camp, the Featherston civic authorities are moving promptly as regards preventive measures.

EFFECTS ON SHIPPING
SERIOUS POSITION REACHED.

Owing to the number of seamen affected with influenza the position of the vessels in Wellington is decidedly serious. Several are waiting to clear port but are detained owing to their crews being short. The greater number of the watersiders have also been affected, and it has been difficult to work the ships.

DRASTIC MEASURES AT AUCKLAND
PLACES OF ENTERTAINMENT CLOSED.

By Telegraph—Press Association. Auckland, November 7. The forces fighting the epidemic are still severely handicapped, the Health Department officials being unable to cope with the demand for medical attention. The position is that only the worst cases can receive personal attention, and there was a further increase in the number of deaths.

The decision to put into operation the drastic measures of closing all places of amusement, churches, and schools, and to prevent gatherings of people has now been taken.

Dr. Frengley, Chief Health Officer, has been in consultation with the local authorities, and it is understood that the Minister of Public Health will arrive in Auckland to-night.

On the Waipaoa's arrival from Apia and Tonga on Wednesday night several of her crew were suffering from influenza, and the vessel is to be fumigated before it is released.

WAR LEGISLATION
IMPORTANT PROPOSALS
ENEMY ALIENS AND LAND
PROTECTION FOR TENANTS

The War Legislation Amendment Bill, introduced by Governor's Message in the House of Representatives yesterday, deals with the acquisition of land by persons of enemy origin, the restriction of increases of rent, the regulation of land transactions, and other matters.

Persons of enemy origin are not to be permitted to acquire land in New Zealand, unless a licence is issued by the Minister of Lands. They may not become a lessee or mortgagee, except on the leave of the Minister.

Land that has been lawfully acquired by persons of enemy origin since the commencement of the war may be taken by the Government.

The Supreme Court is empowered to make an order in respect to any person of enemy origin who has acquired land after the commencement of the war, for the rendering of the land to the Crown.

In order to protect tenants, the bill proposes that rents may not be increased above those charged at the outbreak of war unless the landlord satisfies a magistrate that the increase is reasonable.

PRECAUTIONS TAKEN AT LYTTELTON
MAORI'S PASSENGERS RECEIVE INHALATION TREATMENT.

By Telegraph—Press Association. Christchurch, November 7. The Maori was late reaching Lyttelton this morning, it being 9.20 when she entered the Heads. The vessel was then signalled to berth at No. 6 wharf, instead of the ferry wharf.

Passengers and crew were subjected to inhalation treatment before being permitted to land. The Public Health Officer (Dr. Chesson) was present.

APPEAL FOR ASSISTANT NURSES.

The Health Department is appealing for the services of assistant nurses and women volunteers, not necessarily registered nurses, but women who have had some nursing experience. Applications should be made at once.

FIVE DEATHS AT GISBORNE.

By Telegraph—Press Association. Gisborne, November 7. The influenza victims are increasing in number. There were five deaths reported yesterday.

MANY SUFFERERS IN INVERCARGILL.

Invercargill, November 7. Influenza has been making itself felt in the town, and many of the business houses are seriously affected owing to the absence of employees.

AUSTRALIAN PRECAUTIONS

Melbourne, November 7. In the House of Representatives the Minister, replying to a suggestion that steps should be taken to declare New Zealand infected, said the Federal Quarantine Department had the matter in hand.

CHARGE OF MURDER
MRS. MOODY DISCHARGED.

By Telegraph—Press Association. Dunedin, November 7. At the Supreme Court to-day, Mr. Justice Sim presiding, Mary Jane Moody was charged with the murder of her husband. The jury returned a verdict of not guilty, and the accused was discharged.

MAPOURIKA DELAYED

The illness prevalent at the present time in Wellington is seriously affecting shipping, and the Mapourika's departure for Nelson has been delayed.

ARMISTICE CELEBRATIONS
PROGRAMME TO BE OBSERVED.

The following is the programme arranged by the Procession Sub-Committee of the Wellington Armistice Celebration Committee:—

The signal for the procession will be given at 7.30 a.m. by the sounding of sirens and the ringing of bells. The procession will form up at the Basin Reserve and march along Kent Terrace, Courtenay Place, Manners Street, Willis Street, and Lambton Quay.

Procession at Town Hall.

(a) National Anthem by massed bands. (b) Addresses by the Mayor and the Prime Minister. (c) Hymn, "O God Our Help in Ages Past." (d) National Anthem.

The Evening's Programme.

In the evening the bands will assemble in Post Office Square, and there will be a torchlight procession through the principal streets. A display of fireworks will be given on the waterfront.
